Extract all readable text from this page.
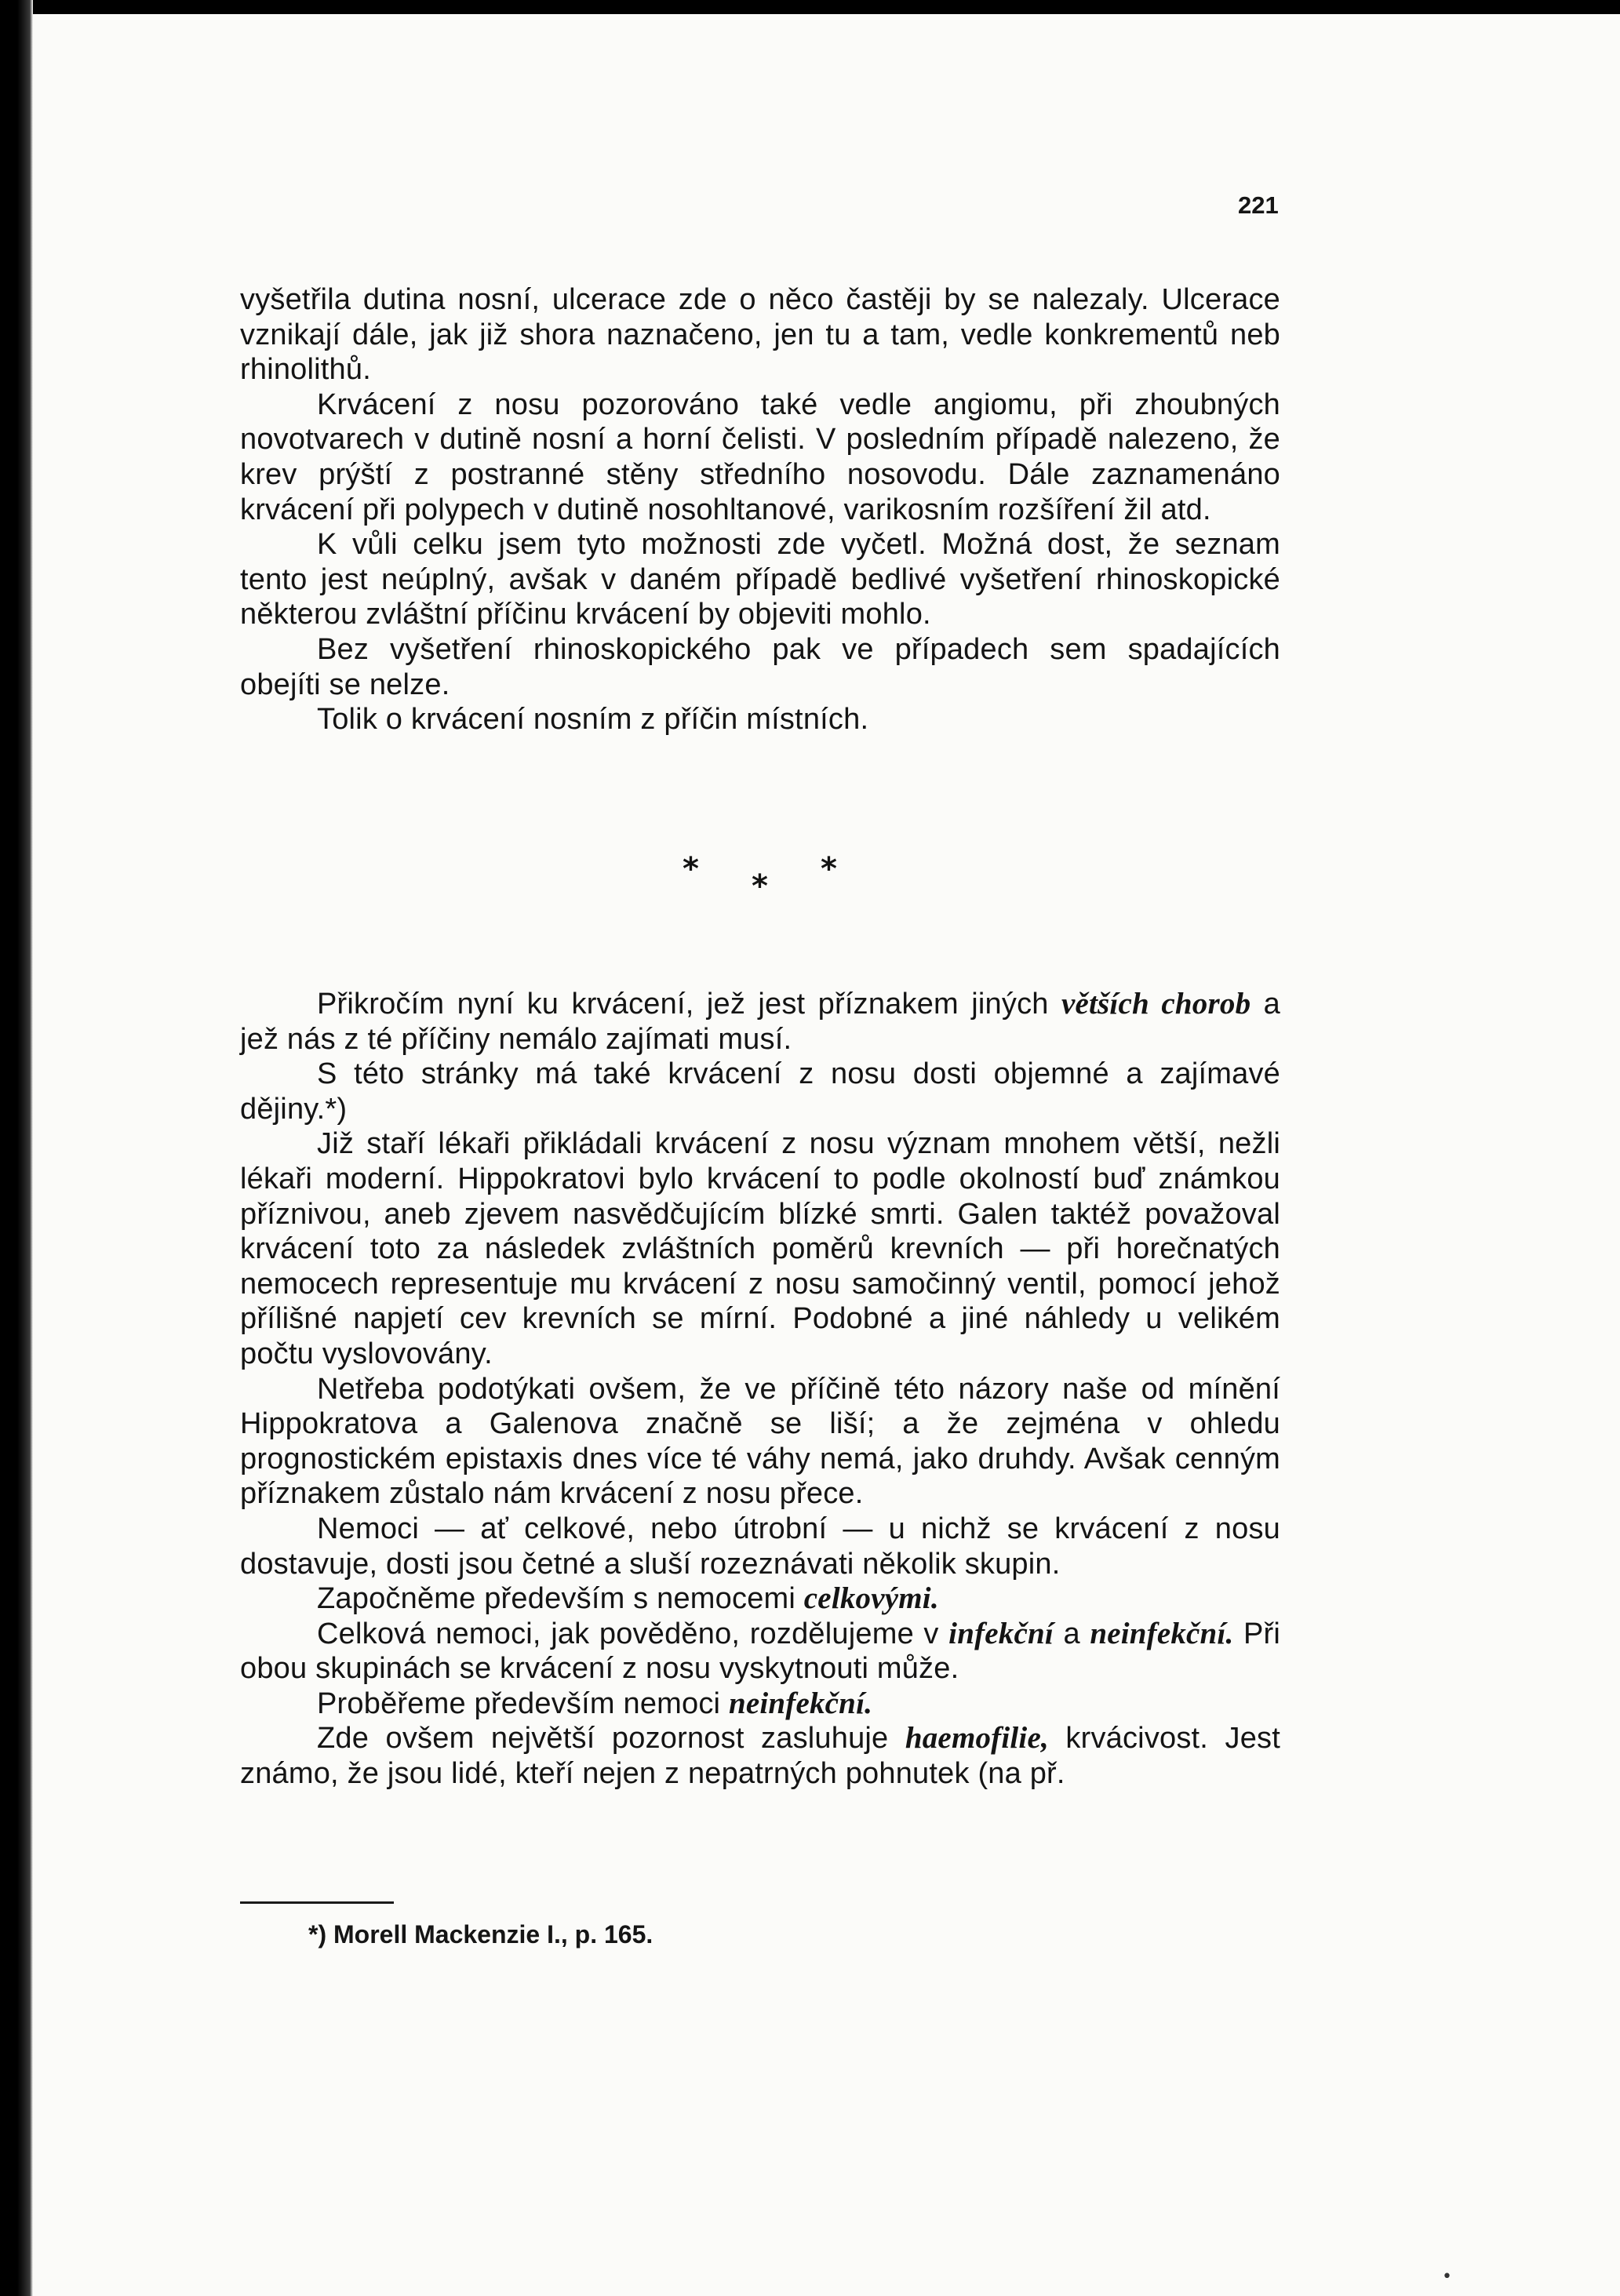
221

vyšetřila dutina nosní, ulcerace zde o něco častěji by se nalezaly. Ulcerace vznikají dále, jak již shora naznačeno, jen tu a tam, vedle konkrementů neb rhinolithů.

Krvácení z nosu pozorováno také vedle angiomu, při zhoubných novotvarech v dutině nosní a horní čelisti. V posledním případě nalezeno, že krev prýští z postranné stěny středního nosovodu. Dále zaznamenáno krvácení při polypech v dutině nosohltanové, varikosním rozšíření žil atd.

K vůli celku jsem tyto možnosti zde vyčetl. Možná dost, že seznam tento jest neúplný, avšak v daném případě bedlivé vyšetření rhinoskopické některou zvláštní příčinu krvácení by objeviti mohlo.

Bez vyšetření rhinoskopického pak ve případech sem spadajících obejíti se nelze.

Tolik o krvácení nosním z příčin místních.

* * *

Přikročím nyní ku krvácení, jež jest příznakem jiných větších chorob a jež nás z té příčiny nemálo zajímati musí.

S této stránky má také krvácení z nosu dosti objemné a zajímavé dějiny.*)

Již staří lékaři přikládali krvácení z nosu význam mnohem větší, nežli lékaři moderní. Hippokratovi bylo krvácení to podle okolností buď známkou příznivou, aneb zjevem nasvědčujícím blízké smrti. Galen taktéž považoval krvácení toto za následek zvláštních poměrů krevních — při horečnatých nemocech representuje mu krvácení z nosu samočinný ventil, pomocí jehož přílišné napjetí cev krevních se mírní. Podobné a jiné náhledy u velikém počtu vyslovovány.

Netřeba podotýkati ovšem, že ve příčině této názory naše od mínění Hippokratova a Galenova značně se liší; a že zejména v ohledu prognostickém epistaxis dnes více té váhy nemá, jako druhdy. Avšak cenným příznakem zůstalo nám krvácení z nosu přece.

Nemoci — ať celkové, nebo útrobní — u nichž se krvácení z nosu dostavuje, dosti jsou četné a sluší rozeznávati několik skupin.

Započněme především s nemocemi celkovými.

Celková nemoci, jak pověděno, rozdělujeme v infekční a neinfekční. Při obou skupinách se krvácení z nosu vyskytnouti může.

Proběřeme především nemoci neinfekční.

Zde ovšem největší pozornost zasluhuje haemofilie, krvácivost. Jest známo, že jsou lidé, kteří nejen z nepatrných pohnutek (na př.

*) Morell Mackenzie I., p. 165.
•
